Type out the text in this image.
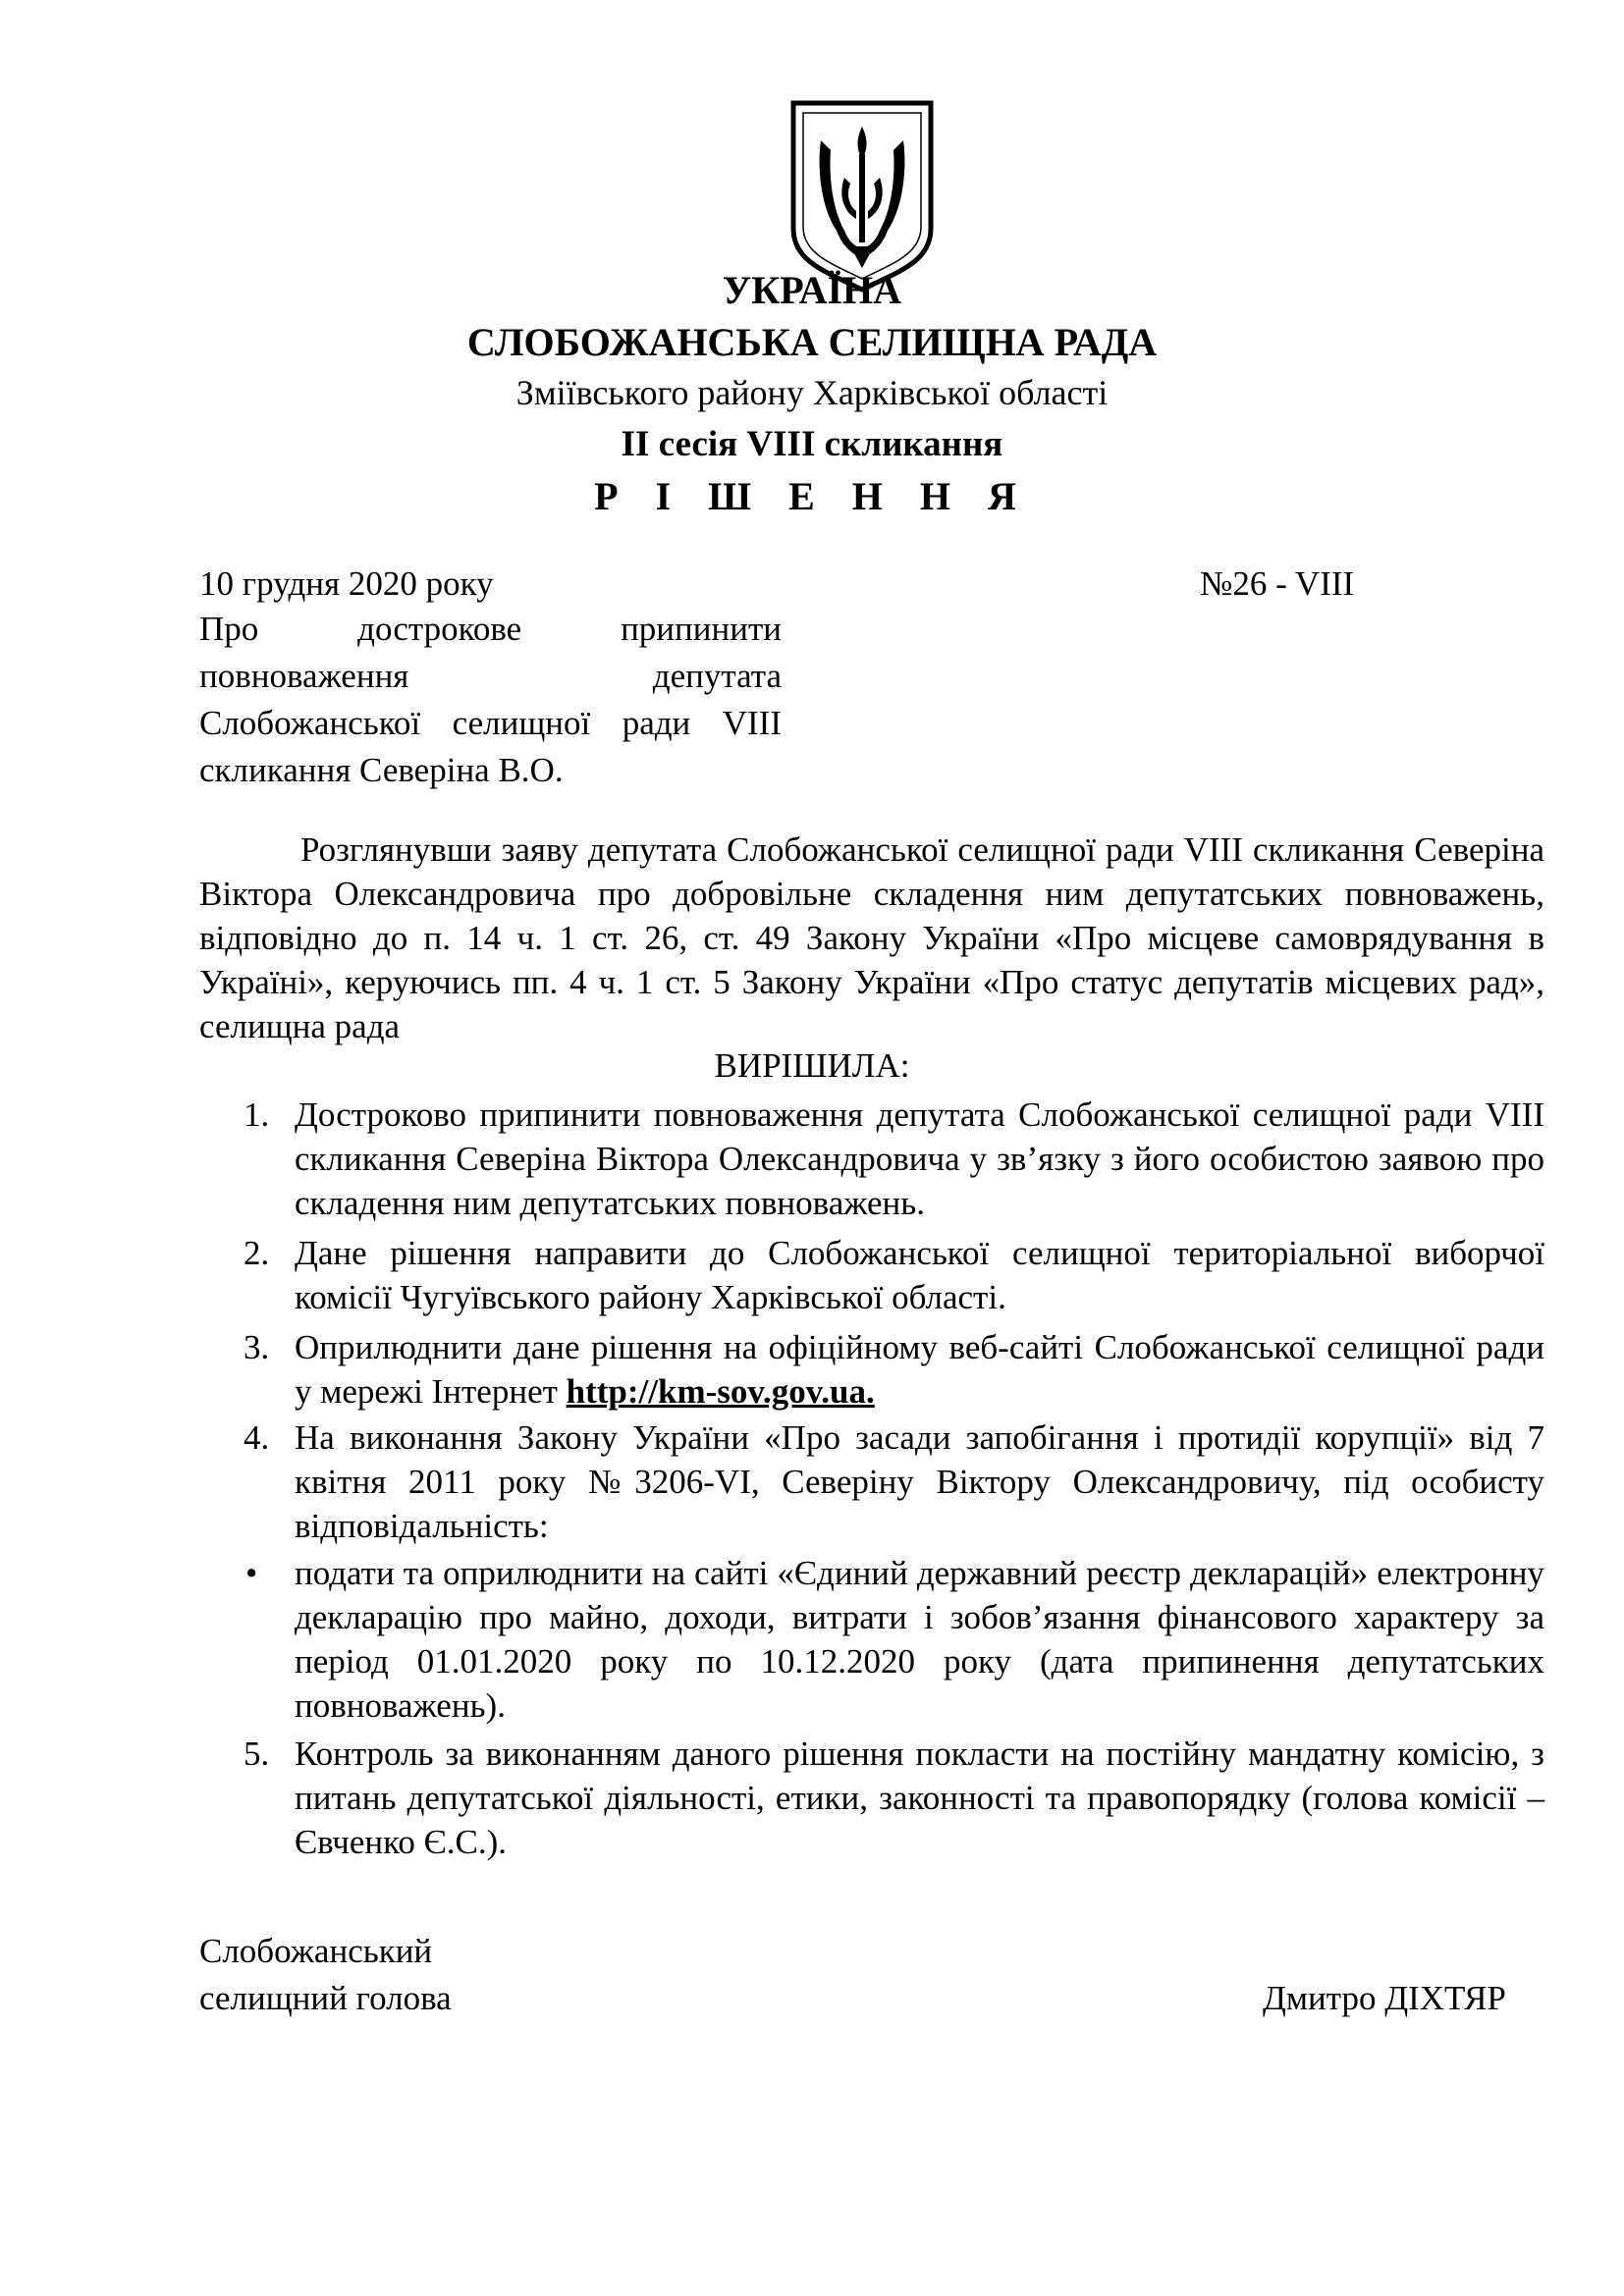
УКРАЇНА
СЛОБОЖАНСЬКА СЕЛИЩНА РАДА
Зміївського району Харківської області
ІІ сесія VIII скликання
Р І Ш Е Н Н Я
10 грудня 2020 року	№26 - VIII
Про дострокове припинити
повноваження депутата
Слобожанської селищної ради VIII
скликання Северіна В.О.
Розглянувши заяву депутата Слобожанської селищної ради VIII скликання Северіна Віктора Олександровича про добровільне складення ним депутатських повноважень, відповідно до п. 14 ч. 1 ст. 26, ст. 49 Закону України «Про місцеве самоврядування в Україні», керуючись пп. 4 ч. 1 ст. 5 Закону України «Про статус депутатів місцевих рад», селищна рада
ВИРІШИЛА:
1. Достроково припинити повноваження депутата Слобожанської селищної ради VIII скликання Северіна Віктора Олександровича у зв’язку з його особистою заявою про складення ним депутатських повноважень.
2. Дане рішення направити до Слобожанської селищної територіальної виборчої комісії Чугуївського району Харківської області.
3. Оприлюднити дане рішення на офіційному веб-сайті Слобожанської селищної ради у мережі Інтернет http://km-sov.gov.ua.
4. На виконання Закону України «Про засади запобігання і протидії корупції» від 7 квітня 2011 року №3206-VI, Северіну Віктору Олександровичу, під особисту відповідальність:
• подати та оприлюднити на сайті «Єдиний державний реєстр декларацій» електронну декларацію про майно, доходи, витрати і зобов’язання фінансового характеру за період 01.01.2020 року по 10.12.2020 року (дата припинення депутатських повноважень).
5. Контроль за виконанням даного рішення покласти на постійну мандатну комісію, з питань депутатської діяльності, етики, законності та правопорядку (голова комісії – Євченко Є.С.).
Слобожанський
селищний голова	Дмитро ДІХТЯР
